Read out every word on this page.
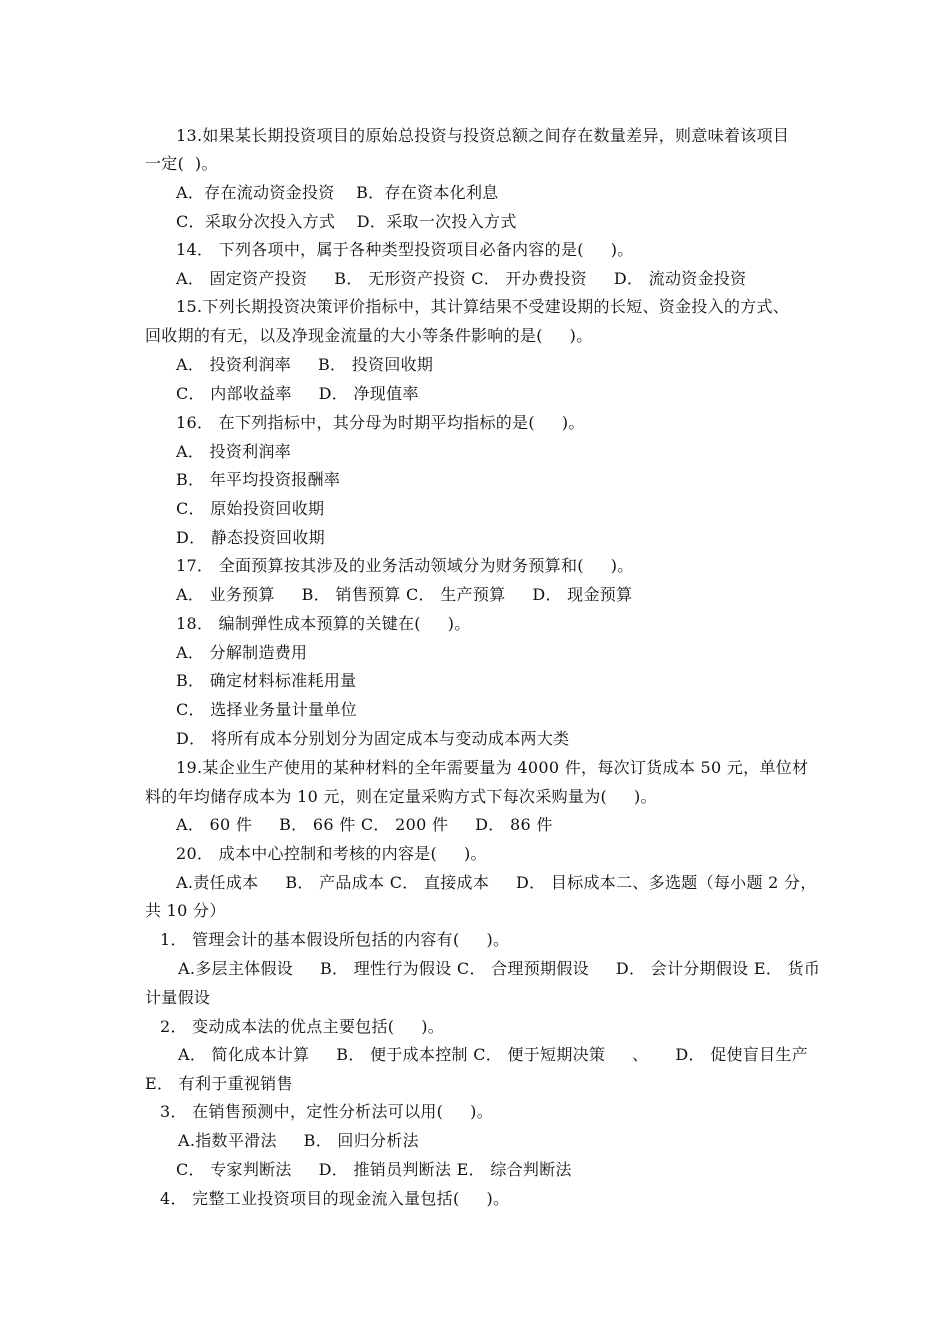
13.如果某长期投资项目的原始总投资与投资总额之间存在数量差异，则意味着该项目
一定(  )。
A．存在流动资金投资    B．存在资本化利息
C．采取分次投入方式    D．采取一次投入方式
14． 下列各项中，属于各种类型投资项目必备内容的是(     )。
A． 固定资产投资     B． 无形资产投资 C． 开办费投资     D． 流动资金投资
15.下列长期投资决策评价指标中，其计算结果不受建设期的长短、资金投入的方式、
回收期的有无，以及净现金流量的大小等条件影响的是(     )。
A． 投资利润率     B． 投资回收期
C． 内部收益率     D． 净现值率
16． 在下列指标中，其分母为时期平均指标的是(     )。
A． 投资利润率
B． 年平均投资报酬率
C． 原始投资回收期
D． 静态投资回收期
17． 全面预算按其涉及的业务活动领域分为财务预算和(     )。
A． 业务预算     B． 销售预算 C． 生产预算     D． 现金预算
18． 编制弹性成本预算的关键在(     )。
A． 分解制造费用
B． 确定材料标准耗用量
C． 选择业务量计量单位
D． 将所有成本分别划分为固定成本与变动成本两大类
19.某企业生产使用的某种材料的全年需要量为 4000 件，每次订货成本 50 元，单位材
料的年均储存成本为 10 元，则在定量采购方式下每次采购量为(     )。
A． 60 件     B． 66 件 C． 200 件     D． 86 件
20． 成本中心控制和考核的内容是(     )。
A.责任成本     B． 产品成本 C． 直接成本     D． 目标成本二、多选题（每小题 2 分，
共 10 分）
1． 管理会计的基本假设所包括的内容有(     )。
A.多层主体假设     B． 理性行为假设 C． 合理预期假设     D． 会计分期假设 E． 货币
计量假设
2． 变动成本法的优点主要包括(     )。
A． 简化成本计算     B． 便于成本控制 C． 便于短期决策     、     D． 促使盲目生产
E． 有利于重视销售
3． 在销售预测中，定性分析法可以用(     )。
A.指数平滑法     B． 回归分析法
C． 专家判断法     D． 推销员判断法 E． 综合判断法
4． 完整工业投资项目的现金流入量包括(     )。
